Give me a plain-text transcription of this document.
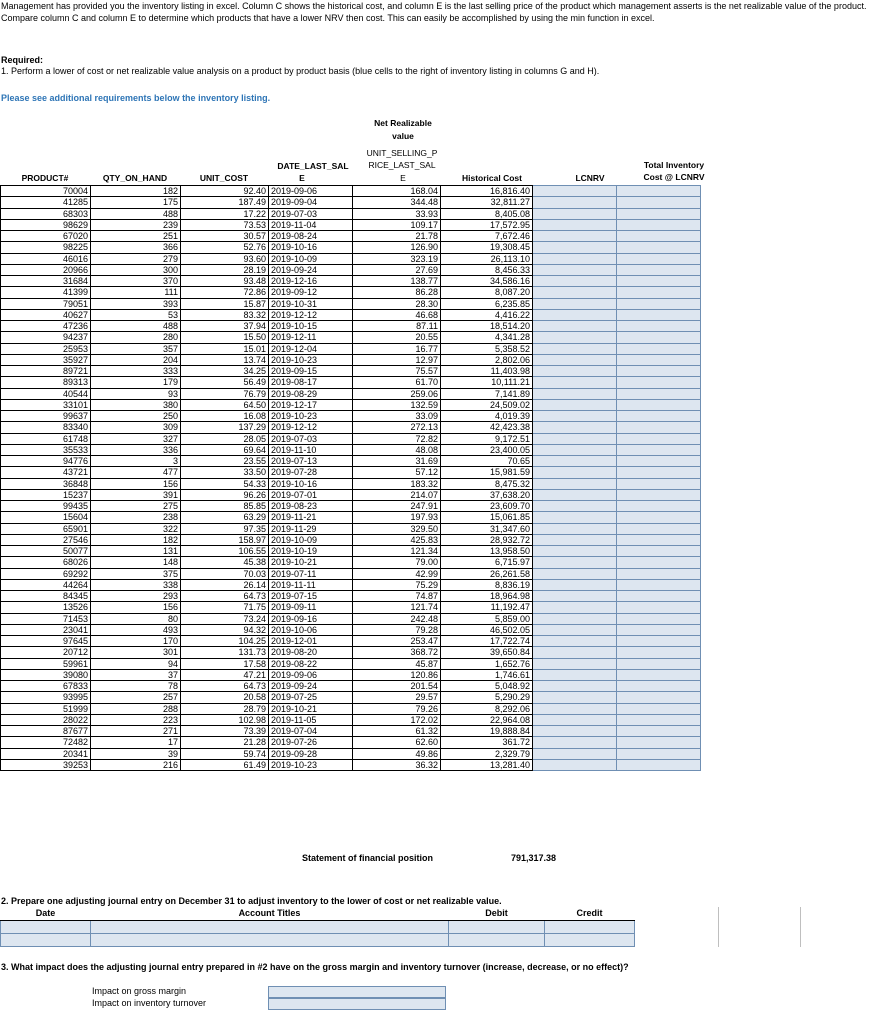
Management has provided you the inventory listing in excel. Column C shows the historical cost, and column E is the last selling price of the product which management asserts is the net realizable value of the product. Compare column C and column E to determine which products that have a lower NRV then cost. This can easily be accomplished by using the min function in excel.
Required:
1. Perform a lower of cost or net realizable value analysis on a product by product basis (blue cells to the right of inventory listing in columns G and H).
Please see additional requirements below the inventory listing.
PRODUCT#	QTY_ON_HAND	UNIT_COST
DATE_LAST_SAL
E
Net Realizable
value
UNIT_SELLING_P
RICE_LAST_SAL
E	Historical Cost	LCNRV
Total Inventory
Cost @ LCNRV
70004	182	92.40	2019-09-06	168.04	16,816.40		
41285	175	187.49	2019-09-04	344.48	32,811.27		
68303	488	17.22	2019-07-03	33.93	8,405.08		
98629	239	73.53	2019-11-04	109.17	17,572.95		
67020	251	30.57	2019-08-24	21.78	7,672.46		
98225	366	52.76	2019-10-16	126.90	19,308.45		
46016	279	93.60	2019-10-09	323.19	26,113.10		
20966	300	28.19	2019-09-24	27.69	8,456.33		
31684	370	93.48	2019-12-16	138.77	34,586.16		
41399	111	72.86	2019-09-12	86.28	8,087.20		
79051	393	15.87	2019-10-31	28.30	6,235.85		
40627	53	83.32	2019-12-12	46.68	4,416.22		
47236	488	37.94	2019-10-15	87.11	18,514.20		
94237	280	15.50	2019-12-11	20.55	4,341.28		
25953	357	15.01	2019-12-04	16.77	5,358.52		
35927	204	13.74	2019-10-23	12.97	2,802.06		
89721	333	34.25	2019-09-15	75.57	11,403.98		
89313	179	56.49	2019-08-17	61.70	10,111.21		
40544	93	76.79	2019-08-29	259.06	7,141.89		
33101	380	64.50	2019-12-17	132.59	24,509.02		
99637	250	16.08	2019-10-23	33.09	4,019.39		
83340	309	137.29	2019-12-12	272.13	42,423.38		
61748	327	28.05	2019-07-03	72.82	9,172.51		
35533	336	69.64	2019-11-10	48.08	23,400.05		
94776	3	23.55	2019-07-13	31.69	70.65		
43721	477	33.50	2019-07-28	57.12	15,981.59		
36848	156	54.33	2019-10-16	183.32	8,475.32		
15237	391	96.26	2019-07-01	214.07	37,638.20		
99435	275	85.85	2019-08-23	247.91	23,609.70		
15604	238	63.29	2019-11-21	197.93	15,061.85		
65901	322	97.35	2019-11-29	329.50	31,347.60		
27546	182	158.97	2019-10-09	425.83	28,932.72		
50077	131	106.55	2019-10-19	121.34	13,958.50		
68026	148	45.38	2019-10-21	79.00	6,715.97		
69292	375	70.03	2019-07-11	42.99	26,261.58		
44264	338	26.14	2019-11-11	75.29	8,836.19		
84345	293	64.73	2019-07-15	74.87	18,964.98		
13526	156	71.75	2019-09-11	121.74	11,192.47		
71453	80	73.24	2019-09-16	242.48	5,859.00		
23041	493	94.32	2019-10-06	79.28	46,502.05		
97645	170	104.25	2019-12-01	253.47	17,722.74		
20712	301	131.73	2019-08-20	368.72	39,650.84		
59961	94	17.58	2019-08-22	45.87	1,652.76		
39080	37	47.21	2019-09-06	120.86	1,746.61		
67833	78	64.73	2019-09-24	201.54	5,048.92		
93995	257	20.58	2019-07-25	29.57	5,290.29		
51999	288	28.79	2019-10-21	79.26	8,292.06		
28022	223	102.98	2019-11-05	172.02	22,964.08		
87677	271	73.39	2019-07-04	61.32	19,888.84		
72482	17	21.28	2019-07-26	62.60	361.72		
20341	39	59.74	2019-09-28	49.86	2,329.79		
39253	216	61.49	2019-10-23	36.32	13,281.40		
Statement of financial position	791,317.38
2. Prepare one adjusting journal entry on December 31 to adjust inventory to the lower of cost or net realizable value.
Date	Account Titles	Debit	Credit

3. What impact does the adjusting journal entry prepared in #2 have on the gross margin and inventory turnover (increase, decrease, or no effect)?
Impact on gross margin
Impact on inventory turnover
